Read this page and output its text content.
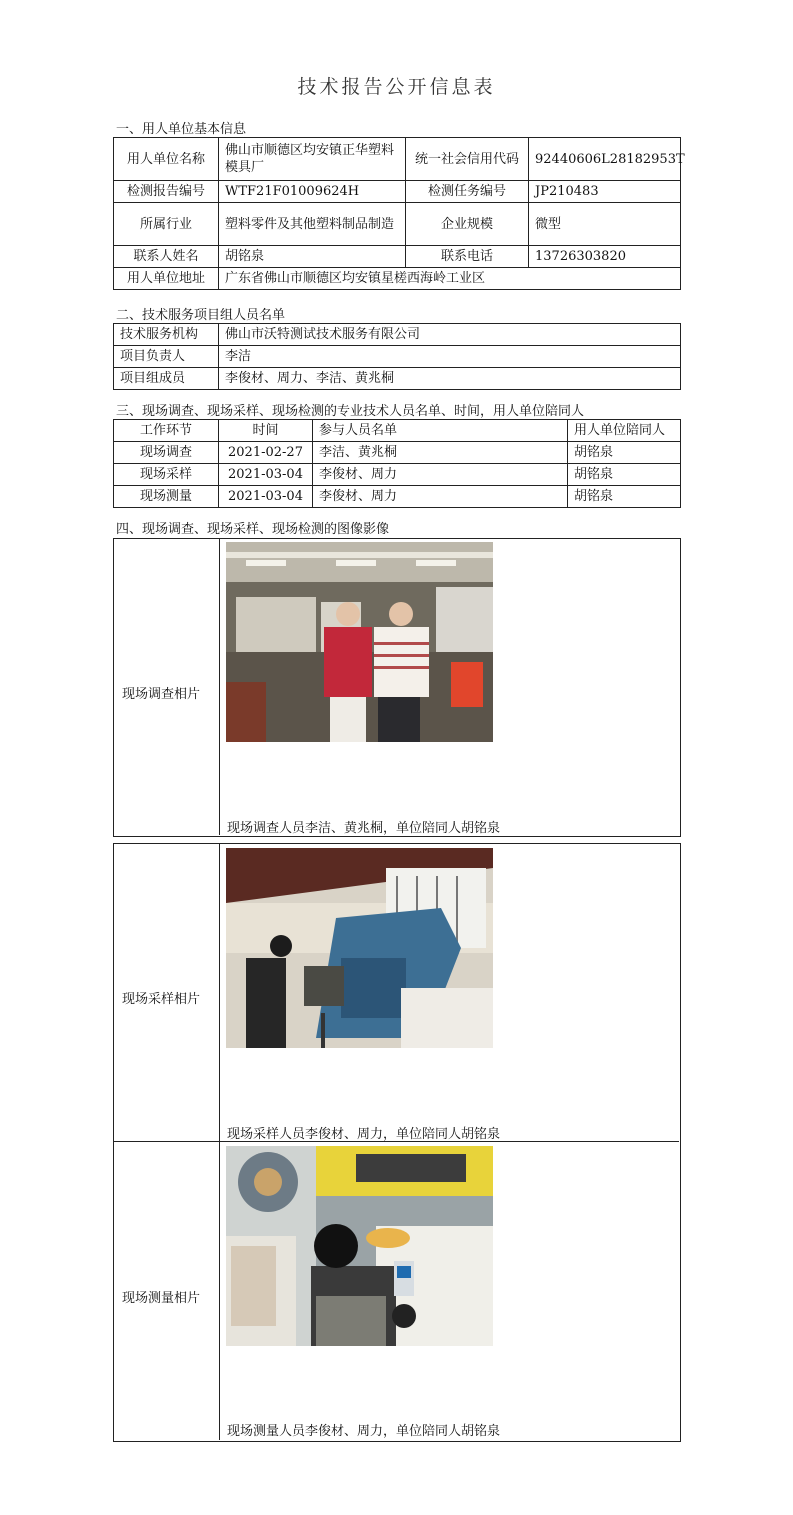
技术报告公开信息表
一、用人单位基本信息
用人单位名称	佛山市顺德区均安镇正华塑料模具厂	统一社会信用代码	92440606L28182953T
检测报告编号	WTF21F01009624H	检测任务编号	JP210483
所属行业	塑料零件及其他塑料制品制造	企业规模	微型
联系人姓名	胡铭泉	联系电话	13726303820
用人单位地址	广东省佛山市顺德区均安镇星槎西海岭工业区		
二、技术服务项目组人员名单
技术服务机构	佛山市沃特测试技术服务有限公司
项目负责人	李洁
项目组成员	李俊材、周力、李洁、黄兆桐
三、现场调查、现场采样、现场检测的专业技术人员名单、时间，用人单位陪同人
工作环节	时间	参与人员名单	用人单位陪同人
现场调查	2021-02-27	李洁、黄兆桐	胡铭泉
现场采样	2021-03-04	李俊材、周力	胡铭泉
现场测量	2021-03-04	李俊材、周力	胡铭泉
四、现场调查、现场采样、现场检测的图像影像
现场调查相片
现场调查人员李洁、黄兆桐，单位陪同人胡铭泉
现场采样相片
现场采样人员李俊材、周力，单位陪同人胡铭泉
现场测量相片
现场测量人员李俊材、周力，单位陪同人胡铭泉
